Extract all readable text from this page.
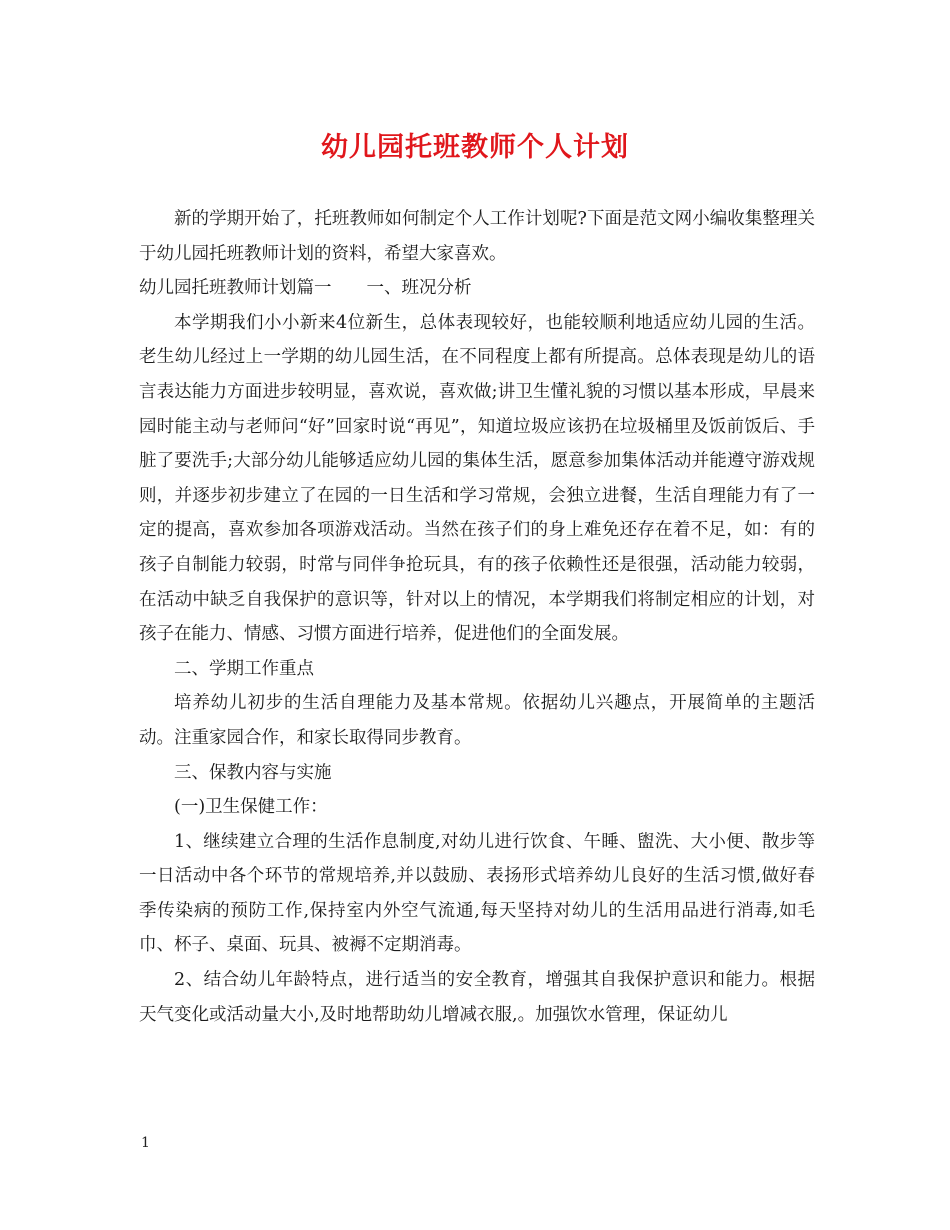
幼儿园托班教师个人计划

新的学期开始了，托班教师如何制定个人工作计划呢?下面是范文网小编收集整理关于幼儿园托班教师计划的资料，希望大家喜欢。

幼儿园托班教师计划篇一　　一、班况分析

本学期我们小小新来4位新生，总体表现较好，也能较顺利地适应幼儿园的生活。老生幼儿经过上一学期的幼儿园生活，在不同程度上都有所提高。总体表现是幼儿的语言表达能力方面进步较明显，喜欢说，喜欢做;讲卫生懂礼貌的习惯以基本形成，早晨来园时能主动与老师问“好”回家时说“再见”，知道垃圾应该扔在垃圾桶里及饭前饭后、手脏了要洗手;大部分幼儿能够适应幼儿园的集体生活，愿意参加集体活动并能遵守游戏规则，并逐步初步建立了在园的一日生活和学习常规，会独立进餐，生活自理能力有了一定的提高，喜欢参加各项游戏活动。当然在孩子们的身上难免还存在着不足，如：有的孩子自制能力较弱，时常与同伴争抢玩具，有的孩子依赖性还是很强，活动能力较弱，在活动中缺乏自我保护的意识等，针对以上的情况，本学期我们将制定相应的计划，对孩子在能力、情感、习惯方面进行培养，促进他们的全面发展。

二、学期工作重点

培养幼儿初步的生活自理能力及基本常规。依据幼儿兴趣点，开展简单的主题活动。注重家园合作，和家长取得同步教育。

三、保教内容与实施

(一)卫生保健工作：

1、继续建立合理的生活作息制度,对幼儿进行饮食、午睡、盥洗、大小便、散步等一日活动中各个环节的常规培养,并以鼓励、表扬形式培养幼儿良好的生活习惯,做好春季传染病的预防工作,保持室内外空气流通,每天坚持对幼儿的生活用品进行消毒,如毛巾、杯子、桌面、玩具、被褥不定期消毒。

2、结合幼儿年龄特点，进行适当的安全教育，增强其自我保护意识和能力。根据天气变化或活动量大小,及时地帮助幼儿增减衣服,。加强饮水管理，保证幼儿

1
